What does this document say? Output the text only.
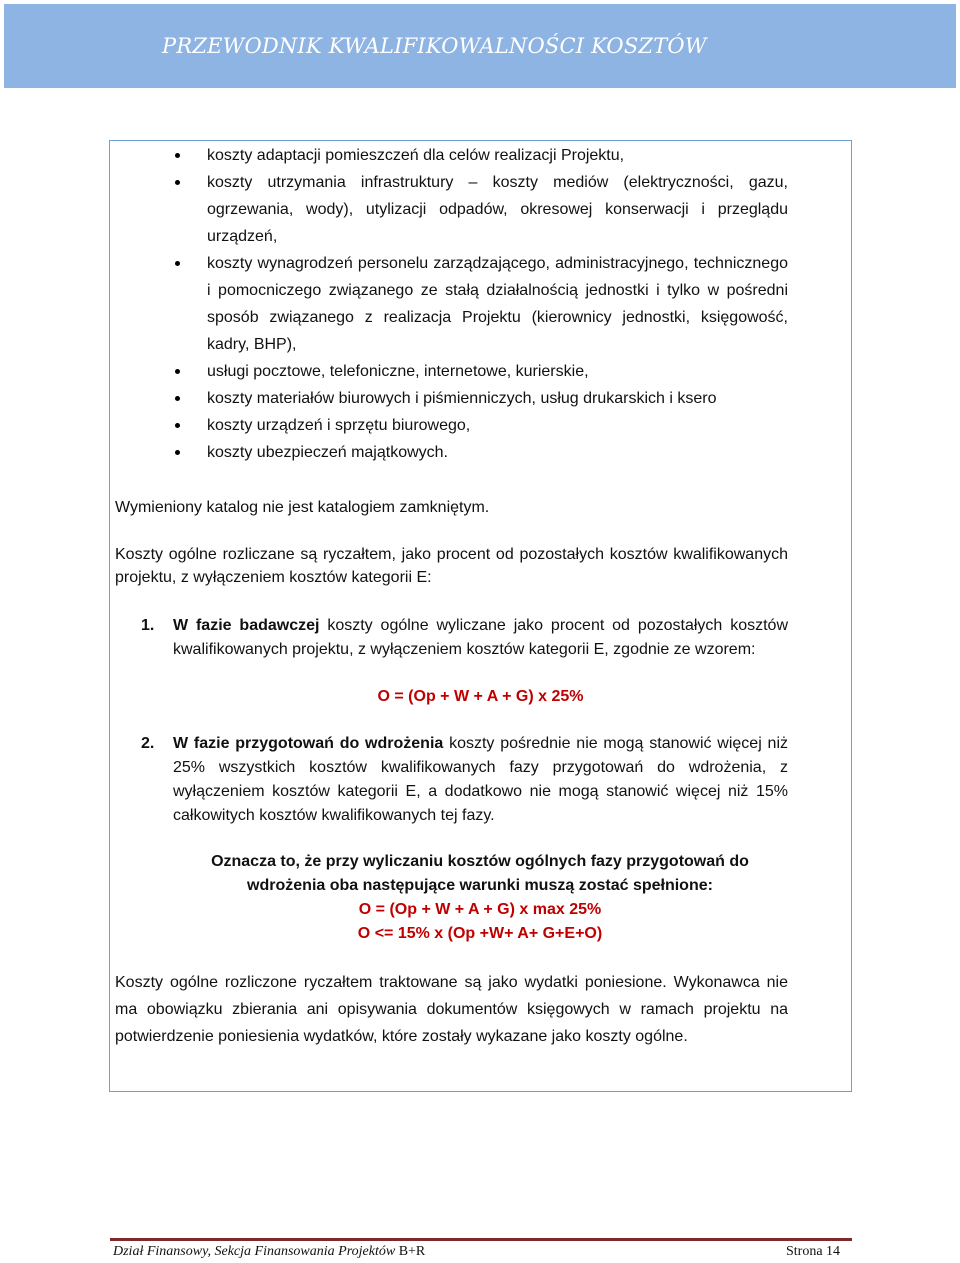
PRZEWODNIK KWALIFIKOWALNOŚCI KOSZTÓW
koszty adaptacji pomieszczeń dla celów realizacji Projektu,
koszty utrzymania infrastruktury – koszty mediów (elektryczności, gazu, ogrzewania, wody), utylizacji odpadów, okresowej konserwacji i przeglądu urządzeń,
koszty wynagrodzeń personelu zarządzającego, administracyjnego, technicznego i pomocniczego związanego ze stałą działalnością jednostki i tylko w pośredni sposób związanego z realizacja Projektu (kierownicy jednostki, księgowość, kadry, BHP),
usługi pocztowe, telefoniczne, internetowe, kurierskie,
koszty materiałów biurowych i piśmienniczych, usług drukarskich i ksero
koszty urządzeń i sprzętu biurowego,
koszty ubezpieczeń majątkowych.

Wymieniony katalog nie jest katalogiem zamkniętym.

Koszty ogólne rozliczane są ryczałtem, jako procent od pozostałych kosztów kwalifikowanych projektu, z wyłączeniem kosztów kategorii E:

1. W fazie badawczej koszty ogólne wyliczane jako procent od pozostałych kosztów kwalifikowanych projektu, z wyłączeniem kosztów kategorii E, zgodnie ze wzorem:
O = (Op + W + A + G) x 25%
2. W fazie przygotowań do wdrożenia koszty pośrednie nie mogą stanowić więcej niż 25% wszystkich kosztów kwalifikowanych fazy przygotowań do wdrożenia, z wyłączeniem kosztów kategorii E, a dodatkowo nie mogą stanowić więcej niż 15% całkowitych kosztów kwalifikowanych tej fazy.

Oznacza to, że przy wyliczaniu kosztów ogólnych fazy przygotowań do

wdrożenia oba następujące warunki muszą zostać spełnione:

O = (Op + W + A + G) x max 25%

O <= 15% x (Op +W+ A+ G+E+O)

Koszty ogólne rozliczone ryczałtem traktowane są jako wydatki poniesione. Wykonawca nie ma obowiązku zbierania ani opisywania dokumentów księgowych w ramach projektu na potwierdzenie poniesienia wydatków, które zostały wykazane jako koszty ogólne.

Dział Finansowy, Sekcja Finansowania Projektów B+R	Strona 14
